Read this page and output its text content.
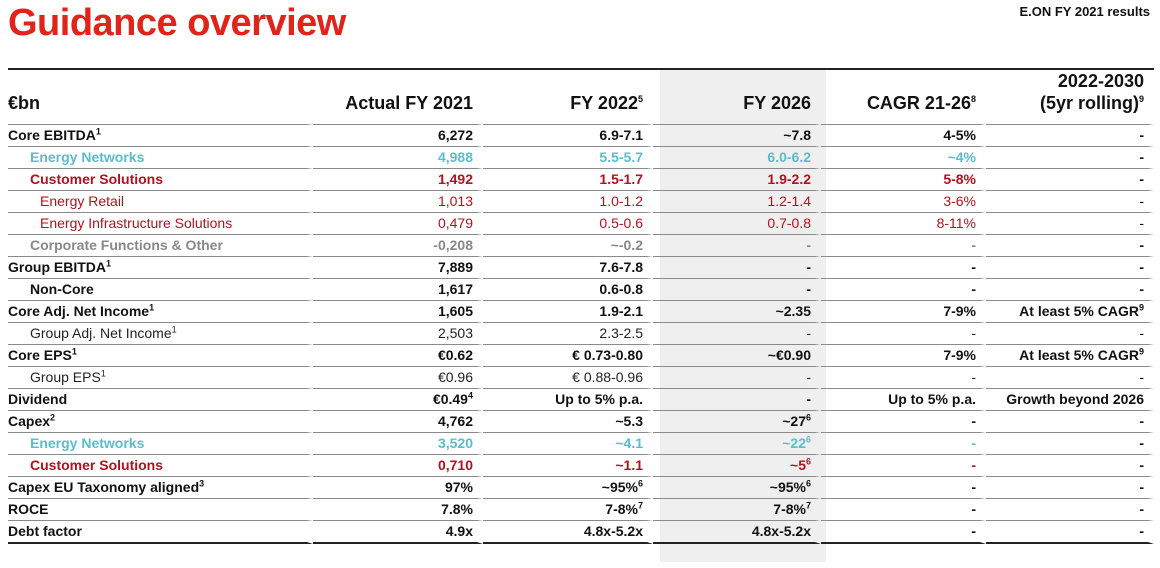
Guidance overview	E.ON FY 2021 results
€bn	Actual FY 2021	FY 2022$^5$	FY 2026	CAGR $21-26^8$	2022-2030
(5yr rolling)$^9$
Core EBITDA$^1$	6,272	6.9-7.1	~7.8	4-5%	-
Energy Networks	4,988	5.5-5.7	6.0-6.2	~4%	-
Customer Solutions	1,492	1.5-1.7	1.9-2.2	5-8%	-
Energy Retail	1,013	1.0-1.2	1.2-1.4	3-6%	-
Energy Infrastructure Solutions	0,479	0.5-0.6	0.7-0.8	8-11%	-
Corporate Functions & Other	-0,208	~-0.2	-	-	-
Group EBITDA$^1$	7,889	7.6-7.8	-	-	-
Non-Core	1,617	0.6-0.8	-	-	-
Core Adj. Net Income$^1$	1,605	1.9-2.1	~2.35	7-9%	At least 5% CAGR$^9$
Group Adj. Net Income$^1$	2,503	2.3-2.5	-	-	-
Core EPS$^1$	€0.62	€ 0.73-0.80	~€0.90	7-9%	At least 5% CAGR$^9$
Group EPS$^1$	€0.96	€ 0.88-0.96	-	-	-
Dividend	€0.49$^4$	Up to 5% p.a.	-	Up to 5% p.a.	Growth beyond 2026
Capex$^2$	4,762	~5.3	$\sim 27^6$	-	-
Energy Networks	3,520	~4.1	$\sim 22^6$	-	-
Customer Solutions	0,710	~1.1	$\sim 5^6$	-	-
Capex EU Taxonomy aligned$^3$	97%	~95%$^6$	~95%$^6$	-	-
ROCE	7.8%	7-8%$^7$	7-8%$^7$	-	-
Debt factor	4.9x	4.8x-5.2x	4.8x-5.2x	-	-
